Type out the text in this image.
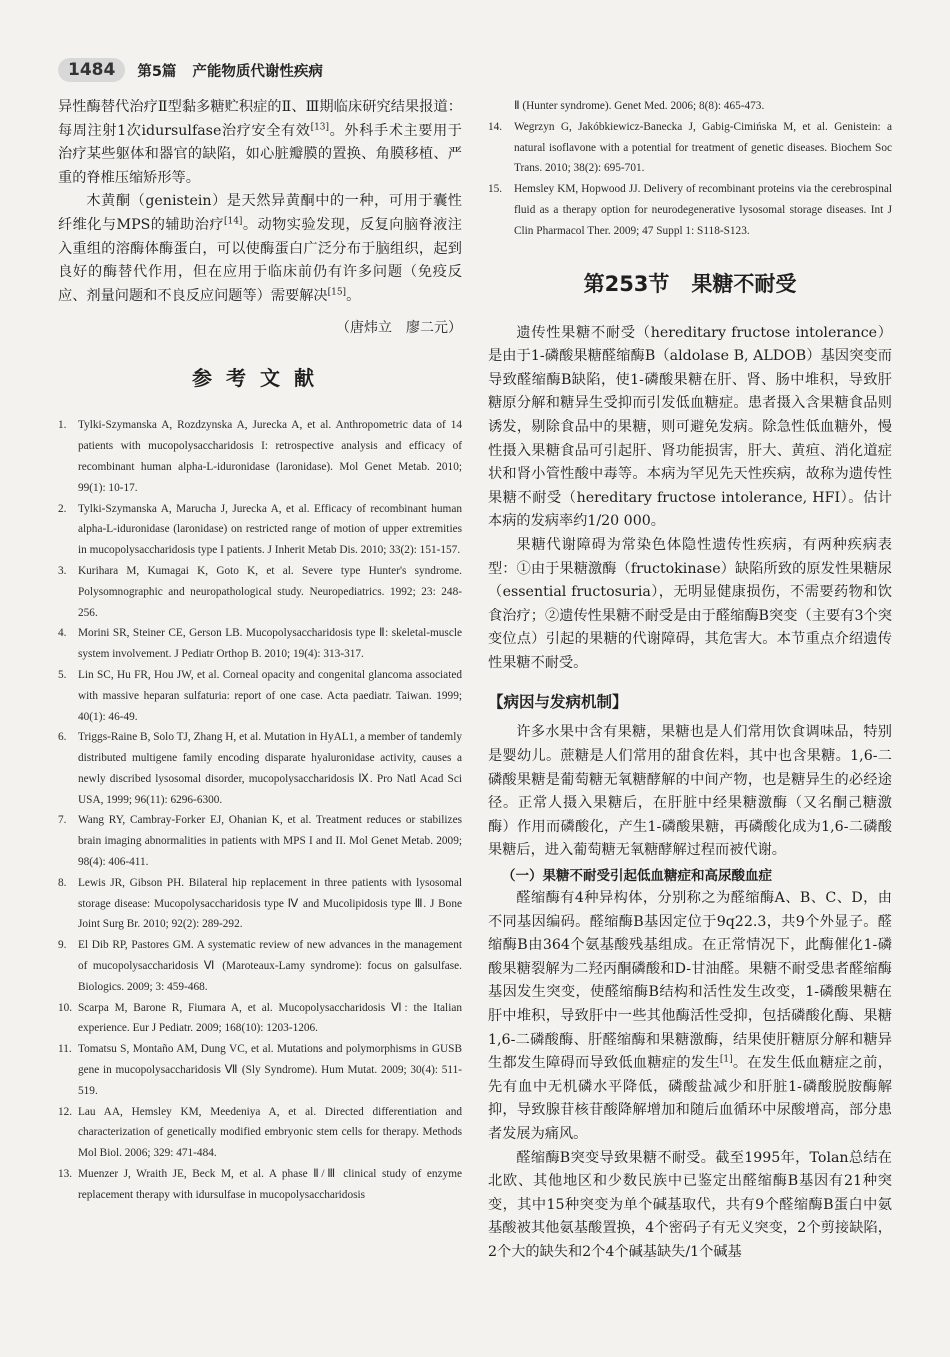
1484	第5篇 产能物质代谢性疾病

异性酶替代治疗Ⅱ型黏多糖贮积症的Ⅱ、Ⅲ期临床研究结果报道：每周注射1次idursulfase治疗安全有效[13]。外科手术主要用于治疗某些躯体和器官的缺陷，如心脏瓣膜的置换、角膜移植、严重的脊椎压缩矫形等。

木黄酮（genistein）是天然异黄酮中的一种，可用于囊性纤维化与MPS的辅助治疗[14]。动物实验发现，反复向脑脊液注入重组的溶酶体酶蛋白，可以使酶蛋白广泛分布于脑组织，起到良好的酶替代作用，但在应用于临床前仍有许多问题（免疫反应、剂量问题和不良反应问题等）需要解决[15]。

（唐炜立　廖二元）
参考文献
1. Tylki-Szymanska A, Rozdzynska A, Jurecka A, et al. Anthropometric data of 14 patients with mucopolysaccharidosis I: retrospective analysis and efficacy of recombinant human alpha-L-iduronidase (laronidase). Mol Genet Metab. 2010; 99(1): 10-17.
2. Tylki-Szymanska A, Marucha J, Jurecka A, et al. Efficacy of recombinant human alpha-L-iduronidase (laronidase) on restricted range of motion of upper extremities in mucopolysaccharidosis type I patients. J Inherit Metab Dis. 2010; 33(2): 151-157.
3. Kurihara M, Kumagai K, Goto K, et al. Severe type Hunter's syndrome. Polysomnographic and neuropathological study. Neuropediatrics. 1992; 23: 248-256.
4. Morini SR, Steiner CE, Gerson LB. Mucopolysaccharidosis type Ⅱ: skeletal-muscle system involvement. J Pediatr Orthop B. 2010; 19(4): 313-317.
5. Lin SC, Hu FR, Hou JW, et al. Corneal opacity and congenital glancoma associated with massive heparan sulfaturia: report of one case. Acta paediatr. Taiwan. 1999; 40(1): 46-49.
6. Triggs-Raine B, Solo TJ, Zhang H, et al. Mutation in HyAL1, a member of tandemly distributed multigene family encoding disparate hyaluronidase activity, causes a newly discribed lysosomal disorder, mucopolysaccharidosis Ⅸ. Pro Natl Acad Sci USA, 1999; 96(11): 6296-6300.
7. Wang RY, Cambray-Forker EJ, Ohanian K, et al. Treatment reduces or stabilizes brain imaging abnormalities in patients with MPS I and II. Mol Genet Metab. 2009; 98(4): 406-411.
8. Lewis JR, Gibson PH. Bilateral hip replacement in three patients with lysosomal storage disease: Mucopolysaccharidosis type Ⅳ and Mucolipidosis type Ⅲ. J Bone Joint Surg Br. 2010; 92(2): 289-292.
9. El Dib RP, Pastores GM. A systematic review of new advances in the management of mucopolysaccharidosis Ⅵ (Maroteaux-Lamy syndrome): focus on galsulfase. Biologics. 2009; 3: 459-468.
10. Scarpa M, Barone R, Fiumara A, et al. Mucopolysaccharidosis Ⅵ: the Italian experience. Eur J Pediatr. 2009; 168(10): 1203-1206.
11. Tomatsu S, Montaño AM, Dung VC, et al. Mutations and polymorphisms in GUSB gene in mucopolysaccharidosis Ⅶ (Sly Syndrome). Hum Mutat. 2009; 30(4): 511-519.
12. Lau AA, Hemsley KM, Meedeniya A, et al. Directed differentiation and characterization of genetically modified embryonic stem cells for therapy. Methods Mol Biol. 2006; 329: 471-484.
13. Muenzer J, Wraith JE, Beck M, et al. A phase Ⅱ/Ⅲ clinical study of enzyme replacement therapy with idursulfase in mucopolysaccharidosis
Ⅱ (Hunter syndrome). Genet Med. 2006; 8(8): 465-473.
14. Wegrzyn G, Jakóbkiewicz-Banecka J, Gabig-Cimińska M, et al. Genistein: a natural isoflavone with a potential for treatment of genetic diseases. Biochem Soc Trans. 2010; 38(2): 695-701.
15. Hemsley KM, Hopwood JJ. Delivery of recombinant proteins via the cerebrospinal fluid as a therapy option for neurodegenerative lysosomal storage diseases. Int J Clin Pharmacol Ther. 2009; 47 Suppl 1: S118-S123.
第253节 果糖不耐受

遗传性果糖不耐受（hereditary fructose intolerance）是由于1-磷酸果糖醛缩酶B（aldolase B, ALDOB）基因突变而导致醛缩酶B缺陷，使1-磷酸果糖在肝、肾、肠中堆积，导致肝糖原分解和糖异生受抑而引发低血糖症。患者摄入含果糖食品则诱发，剔除食品中的果糖，则可避免发病。除急性低血糖外，慢性摄入果糖食品可引起肝、肾功能损害，肝大、黄疸、消化道症状和肾小管性酸中毒等。本病为罕见先天性疾病，故称为遗传性果糖不耐受（hereditary fructose intolerance, HFI）。估计本病的发病率约1/20 000。

果糖代谢障碍为常染色体隐性遗传性疾病，有两种疾病表型：①由于果糖激酶（fructokinase）缺陷所致的原发性果糖尿（essential fructosuria），无明显健康损伤，不需要药物和饮食治疗；②遗传性果糖不耐受是由于醛缩酶B突变（主要有3个突变位点）引起的果糖的代谢障碍，其危害大。本节重点介绍遗传性果糖不耐受。

【病因与发病机制】

许多水果中含有果糖，果糖也是人们常用饮食调味品，特别是婴幼儿。蔗糖是人们常用的甜食佐料，其中也含果糖。1,6-二磷酸果糖是葡萄糖无氧糖酵解的中间产物，也是糖异生的必经途径。正常人摄入果糖后，在肝脏中经果糖激酶（又名酮己糖激酶）作用而磷酸化，产生1-磷酸果糖，再磷酸化成为1,6-二磷酸果糖后，进入葡萄糖无氧糖酵解过程而被代谢。

（一）果糖不耐受引起低血糖症和高尿酸血症

醛缩酶有4种异构体，分别称之为醛缩酶A、B、C、D，由不同基因编码。醛缩酶B基因定位于9q22.3，共9个外显子。醛缩酶B由364个氨基酸残基组成。在正常情况下，此酶催化1-磷酸果糖裂解为二羟丙酮磷酸和D-甘油醛。果糖不耐受患者醛缩酶基因发生突变，使醛缩酶B结构和活性发生改变，1-磷酸果糖在肝中堆积，导致肝中一些其他酶活性受抑，包括磷酸化酶、果糖1,6-二磷酸酶、肝醛缩酶和果糖激酶，结果使肝糖原分解和糖异生都发生障碍而导致低血糖症的发生[1]。在发生低血糖症之前，先有血中无机磷水平降低，磷酸盐减少和肝脏1-磷酸脱胺酶解抑，导致腺苷核苷酸降解增加和随后血循环中尿酸增高，部分患者发展为痛风。

醛缩酶B突变导致果糖不耐受。截至1995年，Tolan总结在北欧、其他地区和少数民族中已鉴定出醛缩酶B基因有21种突变，其中15种突变为单个碱基取代，共有9个醛缩酶B蛋白中氨基酸被其他氨基酸置换，4个密码子有无义突变，2个剪接缺陷，2个大的缺失和2个4个碱基缺失/1个碱基
